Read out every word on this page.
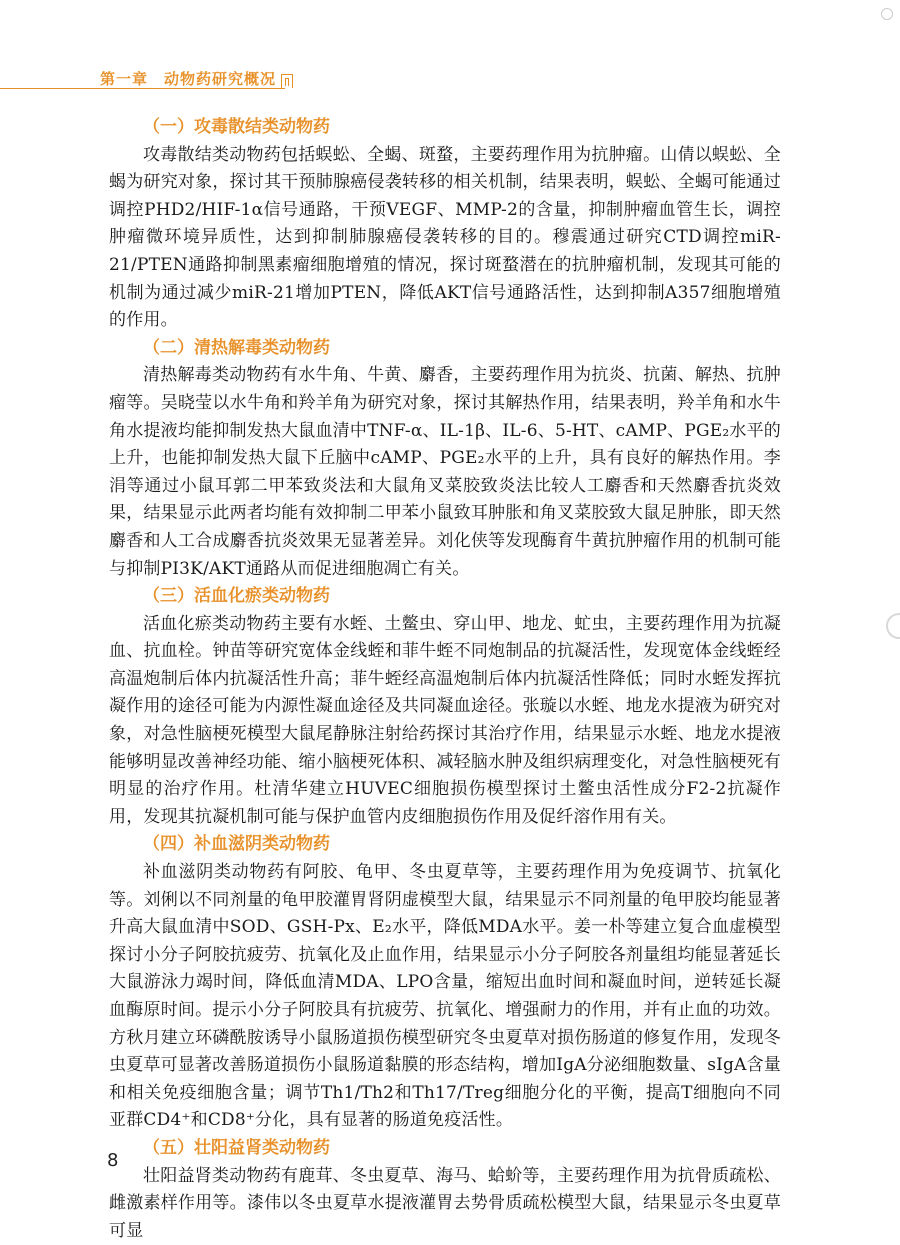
第一章 动物药研究概况
（一）攻毒散结类动物药
攻毒散结类动物药包括蜈蚣、全蝎、斑蝥，主要药理作用为抗肿瘤。山倩以蜈蚣、全蝎为研究对象，探讨其干预肺腺癌侵袭转移的相关机制，结果表明，蜈蚣、全蝎可能通过调控PHD2/HIF-1α信号通路，干预VEGF、MMP-2的含量，抑制肿瘤血管生长，调控肿瘤微环境异质性，达到抑制肺腺癌侵袭转移的目的。穆震通过研究CTD调控miR-21/PTEN通路抑制黑素瘤细胞增殖的情况，探讨斑蝥潜在的抗肿瘤机制，发现其可能的机制为通过减少miR-21增加PTEN，降低AKT信号通路活性，达到抑制A357细胞增殖的作用。
（二）清热解毒类动物药
清热解毒类动物药有水牛角、牛黄、麝香，主要药理作用为抗炎、抗菌、解热、抗肿瘤等。吴晓莹以水牛角和羚羊角为研究对象，探讨其解热作用，结果表明，羚羊角和水牛角水提液均能抑制发热大鼠血清中TNF-α、IL-1β、IL-6、5-HT、cAMP、PGE₂水平的上升，也能抑制发热大鼠下丘脑中cAMP、PGE₂水平的上升，具有良好的解热作用。李涓等通过小鼠耳郭二甲苯致炎法和大鼠角叉菜胶致炎法比较人工麝香和天然麝香抗炎效果，结果显示此两者均能有效抑制二甲苯小鼠致耳肿胀和角叉菜胶致大鼠足肿胀，即天然麝香和人工合成麝香抗炎效果无显著差异。刘化侠等发现酶育牛黄抗肿瘤作用的机制可能与抑制PI3K/AKT通路从而促进细胞凋亡有关。
（三）活血化瘀类动物药
活血化瘀类动物药主要有水蛭、土鳖虫、穿山甲、地龙、虻虫，主要药理作用为抗凝血、抗血栓。钟苗等研究宽体金线蛭和菲牛蛭不同炮制品的抗凝活性，发现宽体金线蛭经高温炮制后体内抗凝活性升高；菲牛蛭经高温炮制后体内抗凝活性降低；同时水蛭发挥抗凝作用的途径可能为内源性凝血途径及共同凝血途径。张璇以水蛭、地龙水提液为研究对象，对急性脑梗死模型大鼠尾静脉注射给药探讨其治疗作用，结果显示水蛭、地龙水提液能够明显改善神经功能、缩小脑梗死体积、减轻脑水肿及组织病理变化，对急性脑梗死有明显的治疗作用。杜清华建立HUVEC细胞损伤模型探讨土鳖虫活性成分F2-2抗凝作用，发现其抗凝机制可能与保护血管内皮细胞损伤作用及促纤溶作用有关。
（四）补血滋阴类动物药
补血滋阴类动物药有阿胶、龟甲、冬虫夏草等，主要药理作用为免疫调节、抗氧化等。刘俐以不同剂量的龟甲胶灌胃肾阴虚模型大鼠，结果显示不同剂量的龟甲胶均能显著升高大鼠血清中SOD、GSH-Px、E₂水平，降低MDA水平。姜一朴等建立复合血虚模型探讨小分子阿胶抗疲劳、抗氧化及止血作用，结果显示小分子阿胶各剂量组均能显著延长大鼠游泳力竭时间，降低血清MDA、LPO含量，缩短出血时间和凝血时间，逆转延长凝血酶原时间。提示小分子阿胶具有抗疲劳、抗氧化、增强耐力的作用，并有止血的功效。方秋月建立环磷酰胺诱导小鼠肠道损伤模型研究冬虫夏草对损伤肠道的修复作用，发现冬虫夏草可显著改善肠道损伤小鼠肠道黏膜的形态结构，增加IgA分泌细胞数量、sIgA含量和相关免疫细胞含量；调节Th1/Th2和Th17/Treg细胞分化的平衡，提高T细胞向不同亚群CD4⁺和CD8⁺分化，具有显著的肠道免疫活性。
（五）壮阳益肾类动物药
壮阳益肾类动物药有鹿茸、冬虫夏草、海马、蛤蚧等，主要药理作用为抗骨质疏松、雌激素样作用等。漆伟以冬虫夏草水提液灌胃去势骨质疏松模型大鼠，结果显示冬虫夏草可显
8
